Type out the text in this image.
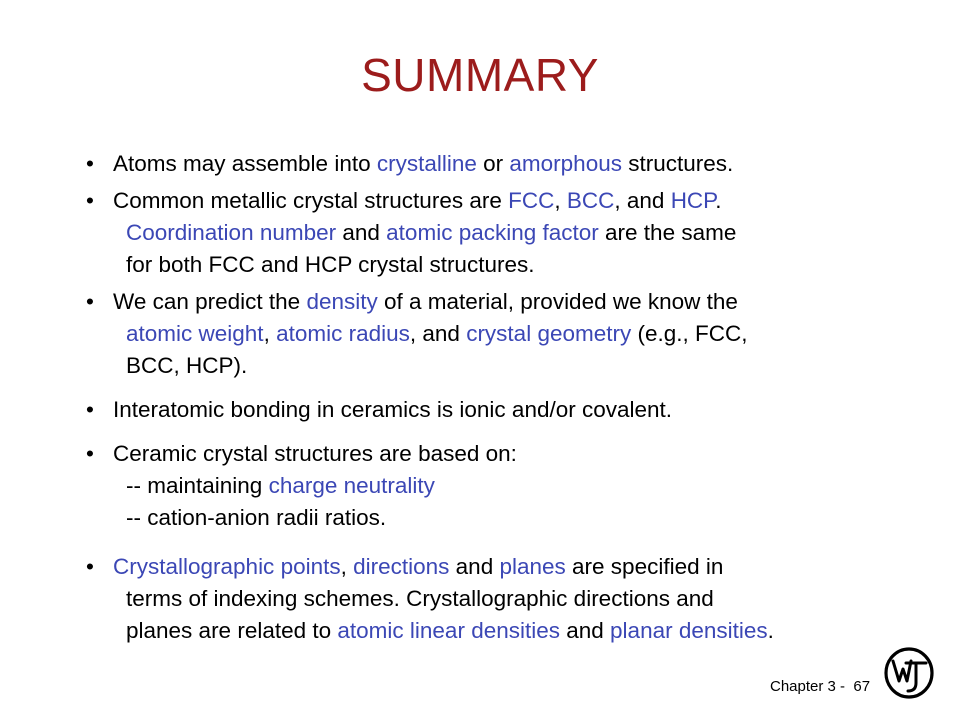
SUMMARY
• Atoms may assemble into crystalline or amorphous structures.
• Common metallic crystal structures are FCC, BCC, and HCP.
Coordination number and atomic packing factor are the same
for both FCC and HCP crystal structures.
• We can predict the density of a material, provided we know the
atomic weight, atomic radius, and crystal geometry (e.g., FCC,
BCC, HCP).
• Interatomic bonding in ceramics is ionic and/or covalent.
• Ceramic crystal structures are based on:
-- maintaining charge neutrality
-- cation-anion radii ratios.
• Crystallographic points, directions and planes are specified in
terms of indexing schemes. Crystallographic directions and
planes are related to atomic linear densities and planar densities.
Chapter 3 - 67
